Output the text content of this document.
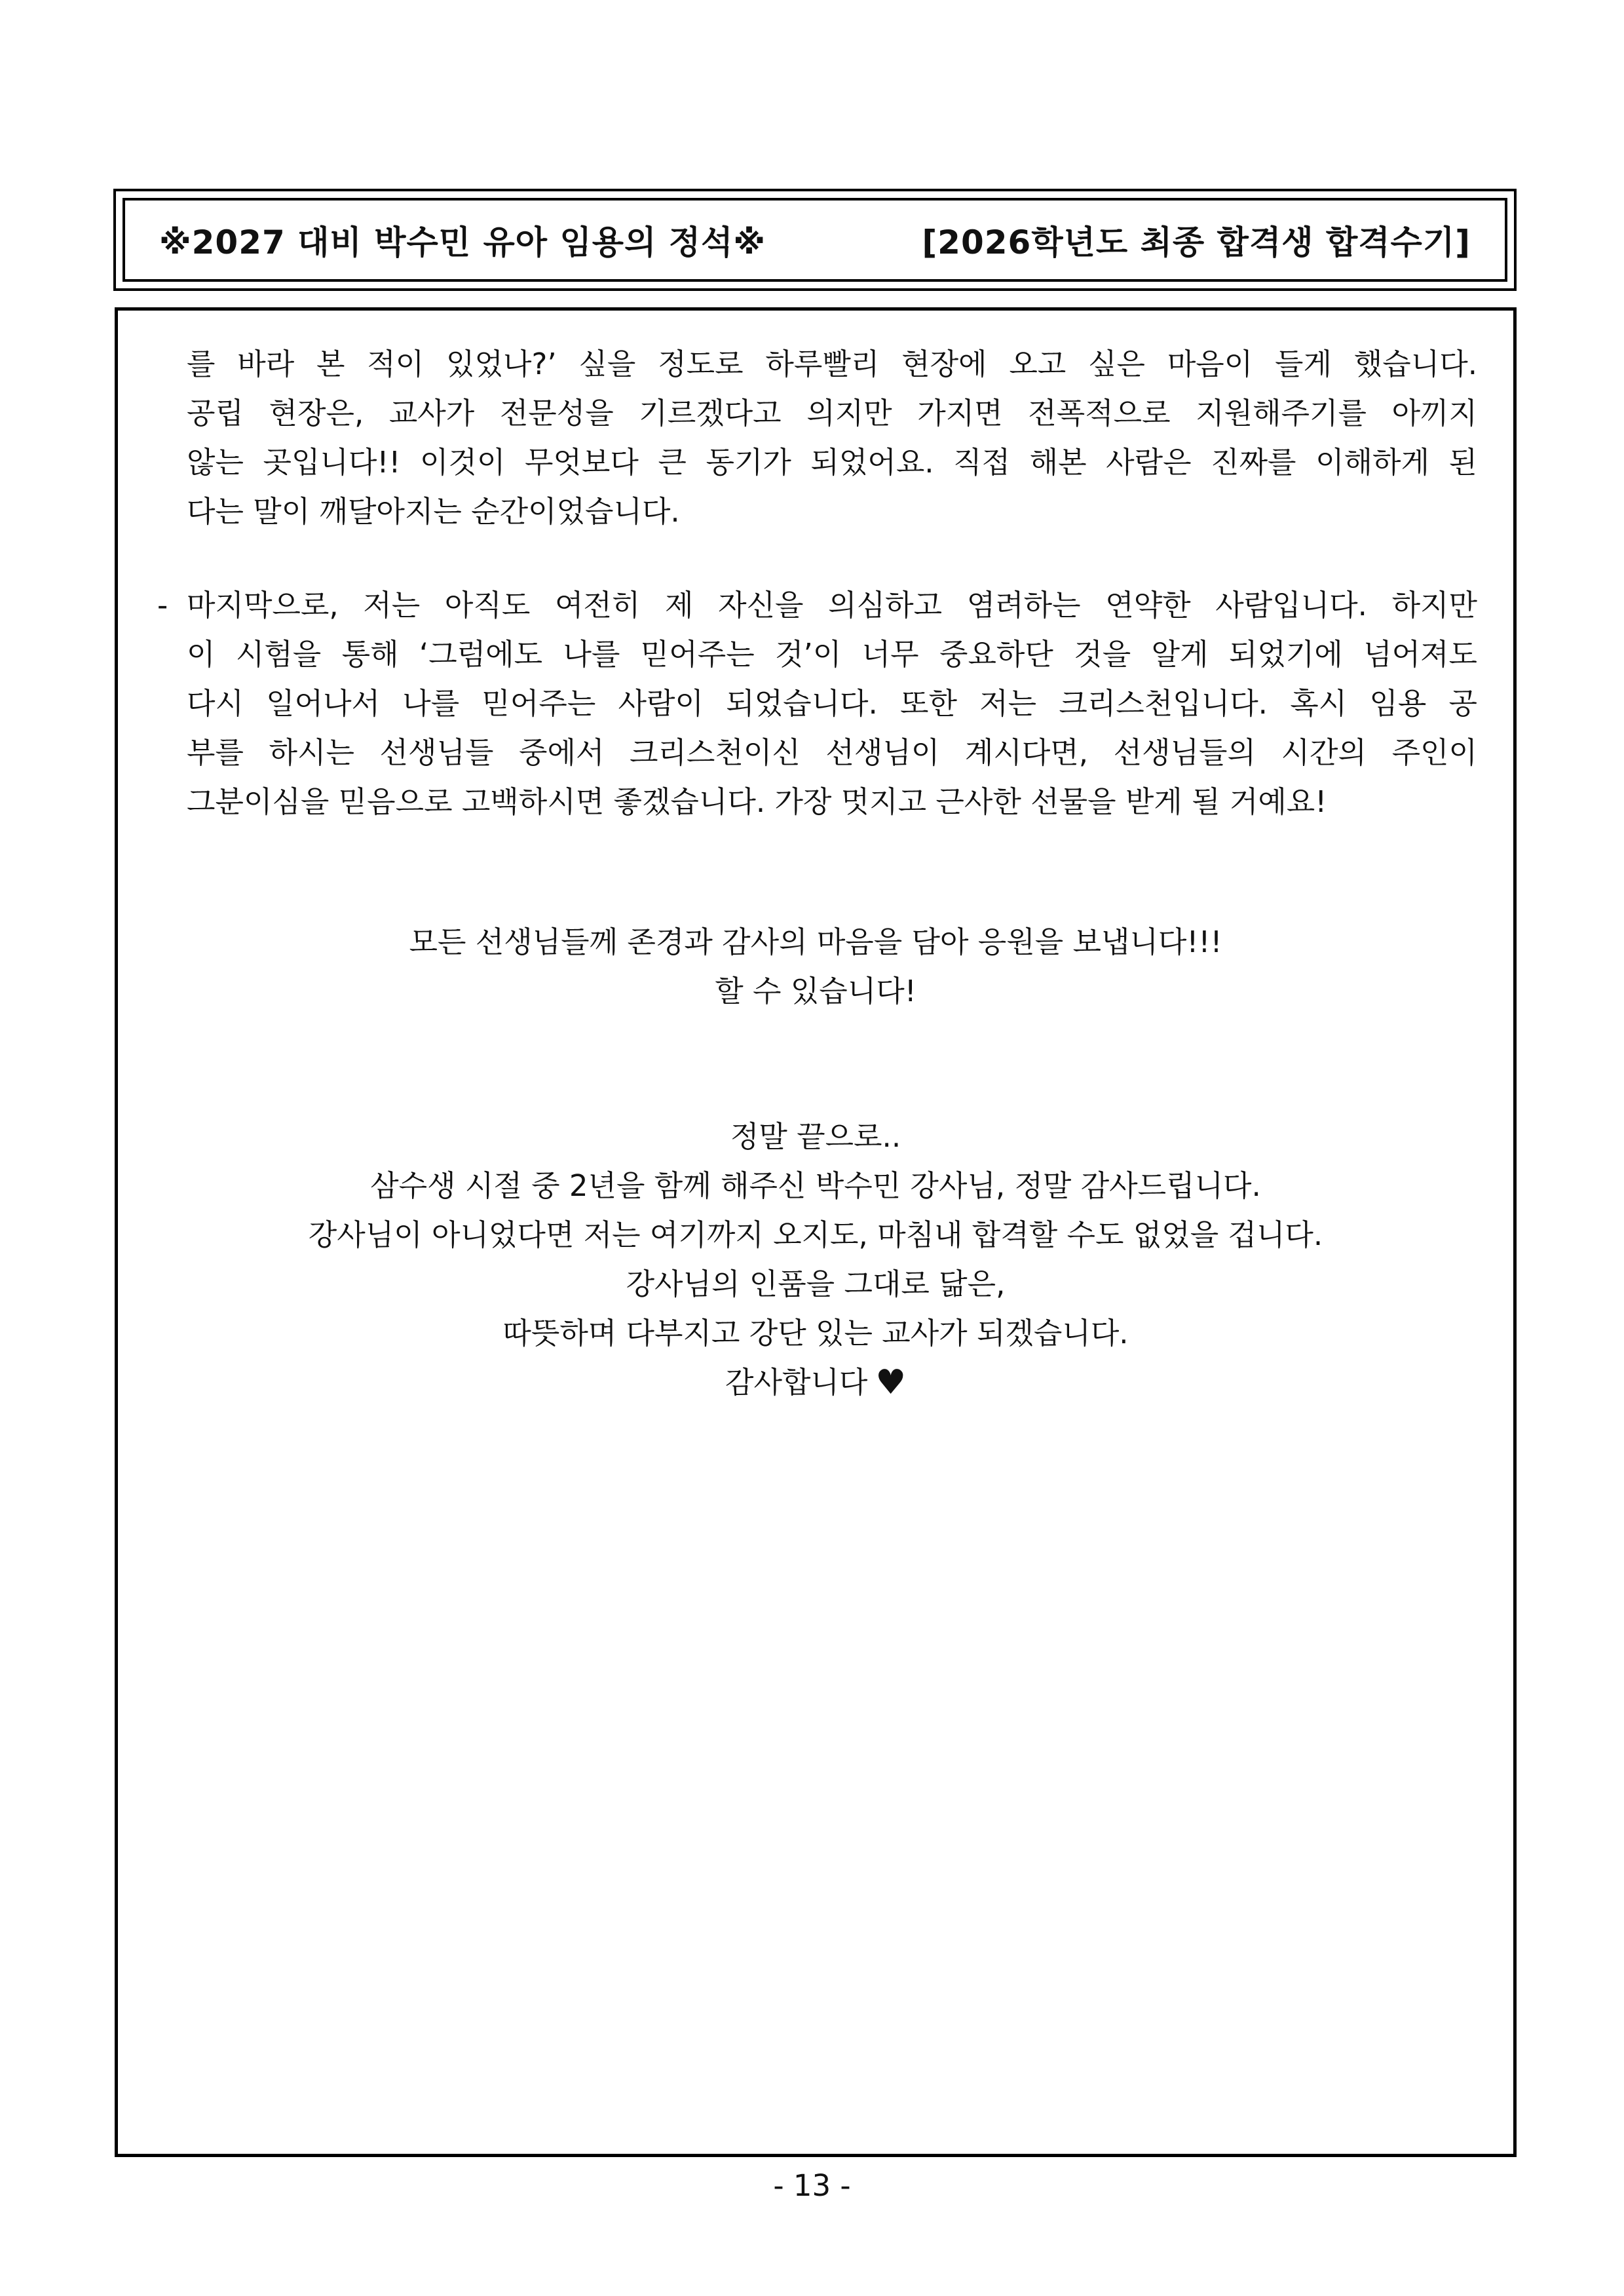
※2027 대비 박수민 유아 임용의 정석※	[2026학년도 최종 합격생 합격수기]
를 바라 본 적이 있었나?’ 싶을 정도로 하루빨리 현장에 오고 싶은 마음이 들게 했습니다.
공립 현장은, 교사가 전문성을 기르겠다고 의지만 가지면 전폭적으로 지원해주기를 아끼지
않는 곳입니다!! 이것이 무엇보다 큰 동기가 되었어요. 직접 해본 사람은 진짜를 이해하게 된
다는 말이 깨달아지는 순간이었습니다.
- 마지막으로, 저는 아직도 여전히 제 자신을 의심하고 염려하는 연약한 사람입니다. 하지만
이 시험을 통해 ‘그럼에도 나를 믿어주는 것’이 너무 중요하단 것을 알게 되었기에 넘어져도
다시 일어나서 나를 믿어주는 사람이 되었습니다. 또한 저는 크리스천입니다. 혹시 임용 공
부를 하시는 선생님들 중에서 크리스천이신 선생님이 계시다면, 선생님들의 시간의 주인이
그분이심을 믿음으로 고백하시면 좋겠습니다. 가장 멋지고 근사한 선물을 받게 될 거예요!
모든 선생님들께 존경과 감사의 마음을 담아 응원을 보냅니다!!!
할 수 있습니다!
정말 끝으로..
삼수생 시절 중 2년을 함께 해주신 박수민 강사님, 정말 감사드립니다.
강사님이 아니었다면 저는 여기까지 오지도, 마침내 합격할 수도 없었을 겁니다.
강사님의 인품을 그대로 닮은,
따뜻하며 다부지고 강단 있는 교사가 되겠습니다.
감사합니다 ♥
- 13 -
